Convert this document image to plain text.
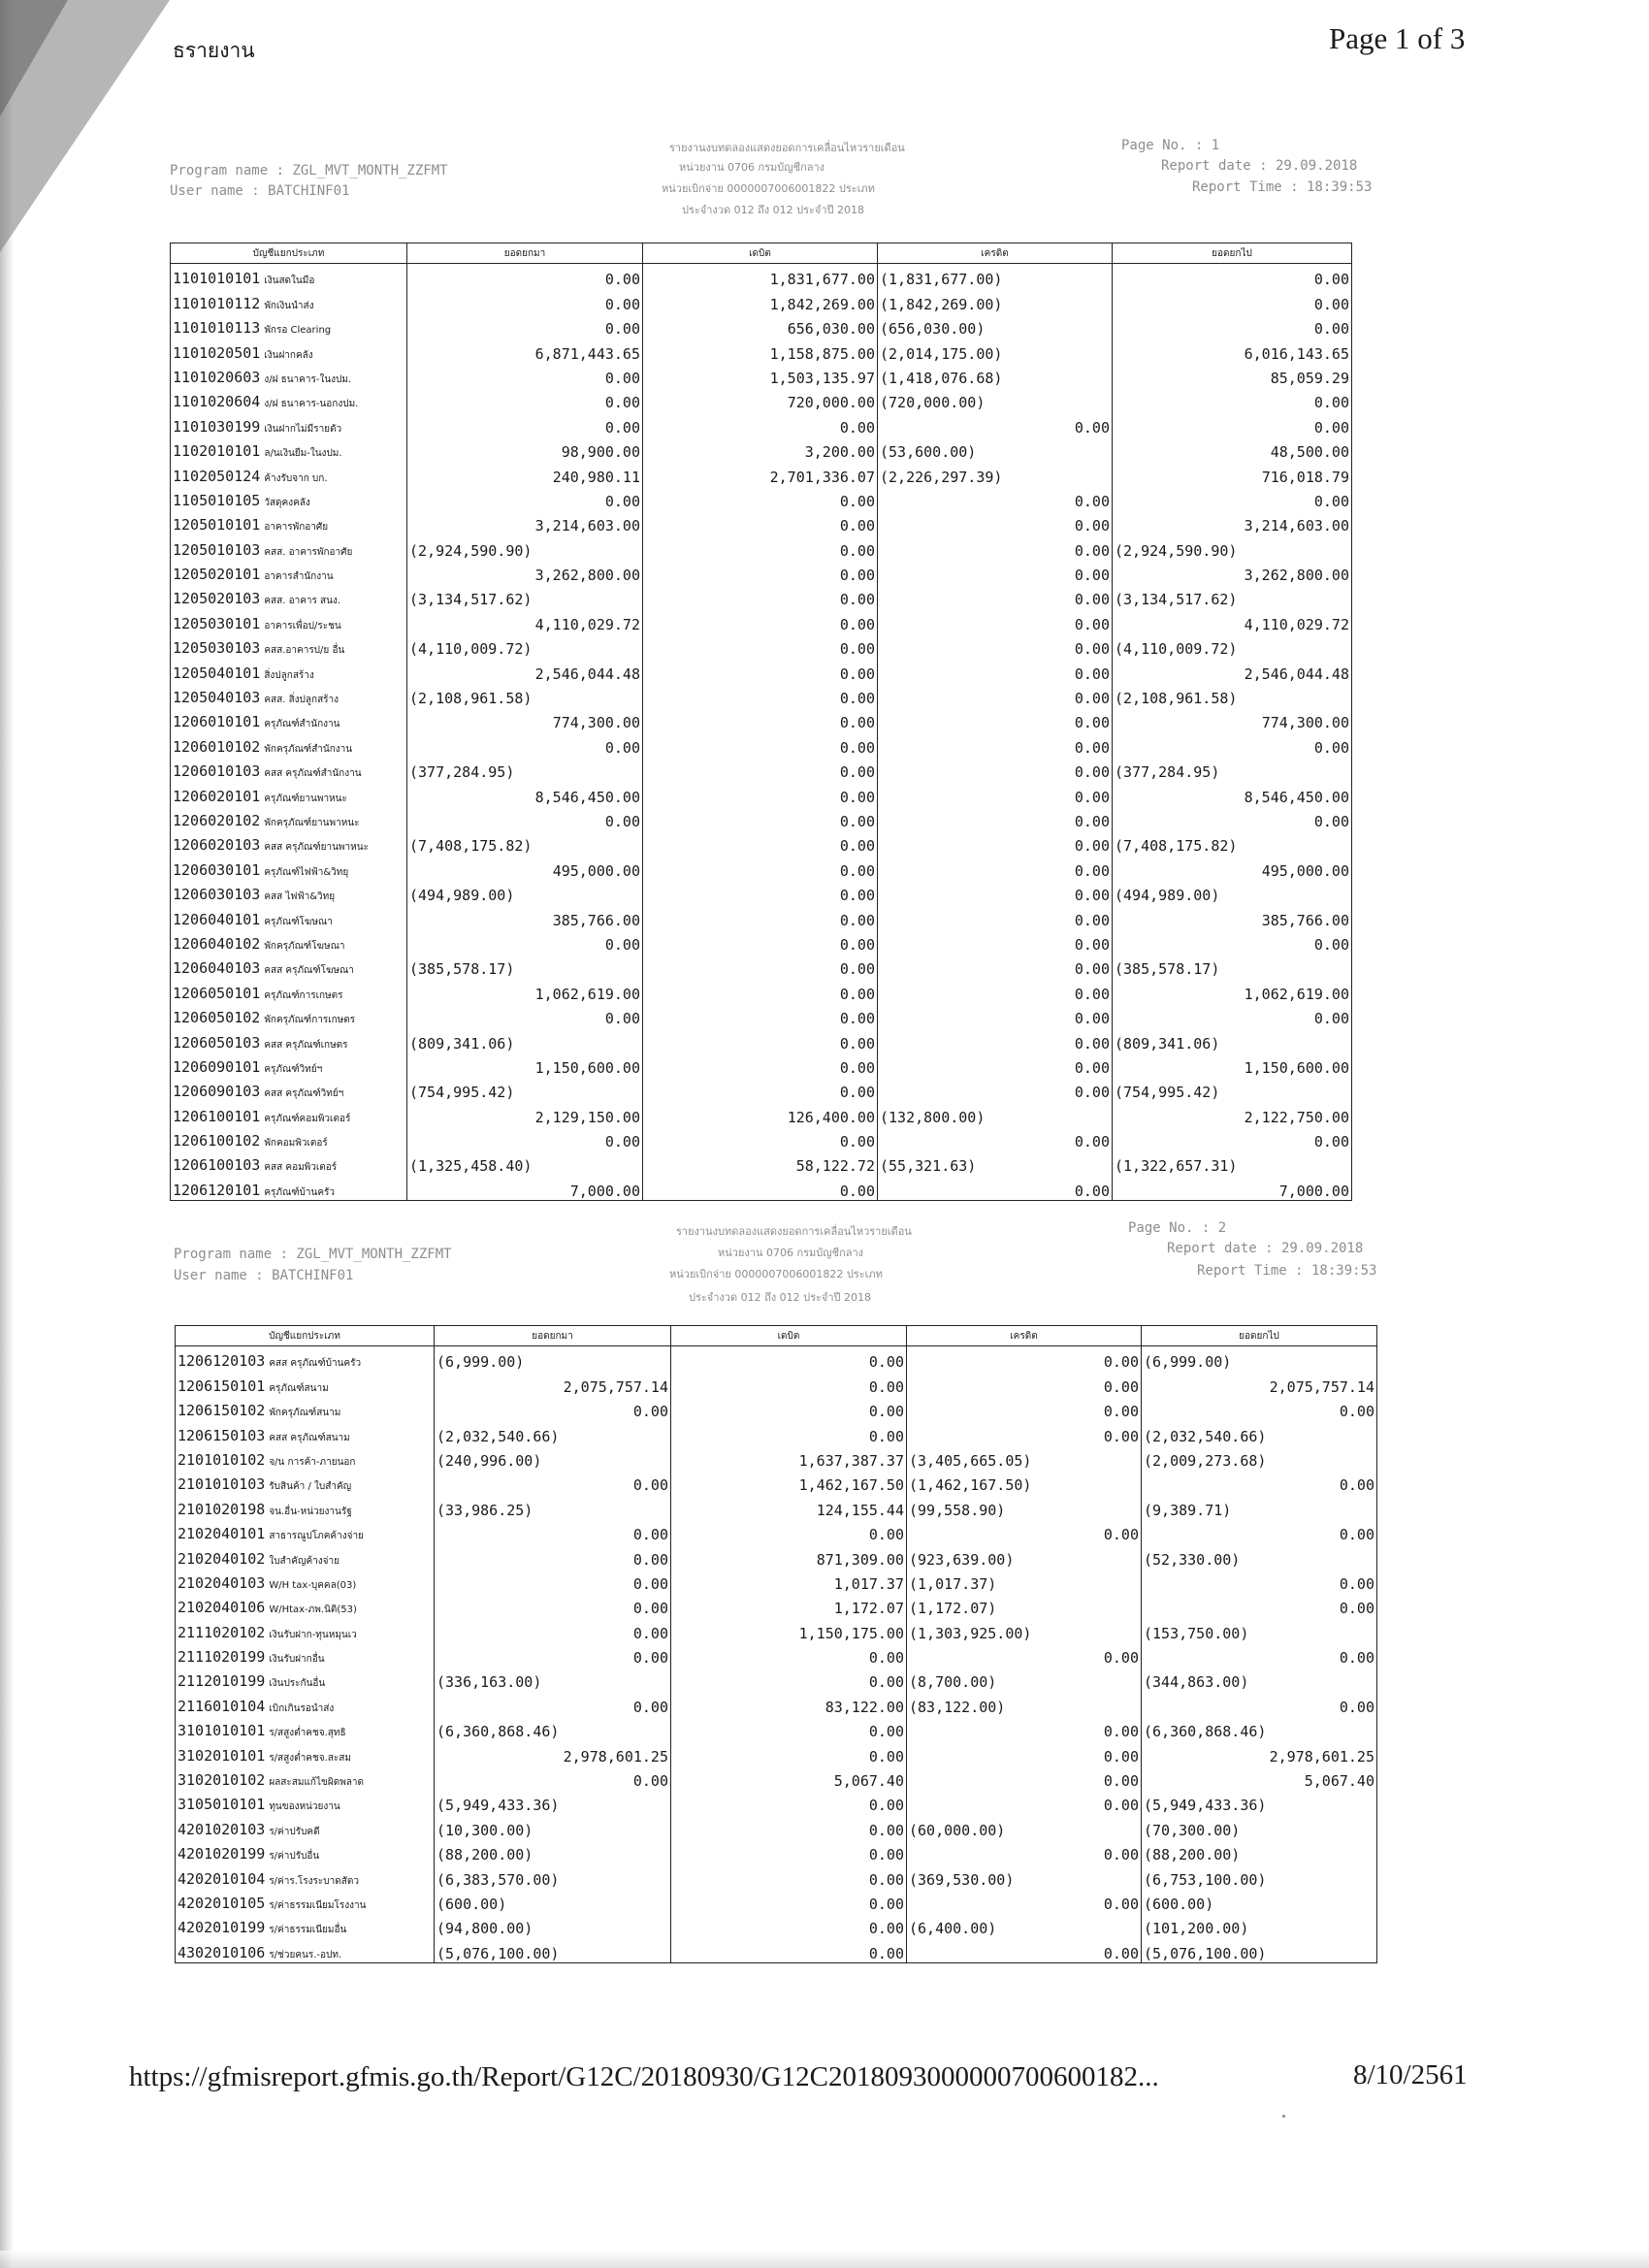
ธรายงาน	Page 1 of 3
รายงานงบทดลองแสดงยอดการเคลื่อนไหวรายเดือน
หน่วยงาน 0706 กรมบัญชีกลาง
หน่วยเบิกจ่าย 0000007006001822 ประเภท
ประจำงวด 012 ถึง 012 ประจำปี 2018
Program name : ZGL_MVT_MONTH_ZZFMT
User name : BATCHINF01
Page No. : 1
Report date : 29.09.2018
Report Time : 18:39:53
บัญชีแยกประเภท	ยอดยกมา	เดบิต	เครดิต	ยอดยกไป
1101010101 เงินสดในมือ	0.00	1,831,677.00	(1,831,677.00)	0.00
1101010112 พักเงินนำส่ง	0.00	1,842,269.00	(1,842,269.00)	0.00
1101010113 พักรอ Clearing	0.00	656,030.00	(656,030.00)	0.00
1101020501 เงินฝากคลัง	6,871,443.65	1,158,875.00	(2,014,175.00)	6,016,143.65
1101020603 ง/ฝ ธนาคาร-ในงปม.	0.00	1,503,135.97	(1,418,076.68)	85,059.29
1101020604 ง/ฝ ธนาคาร-นอกงปม.	0.00	720,000.00	(720,000.00)	0.00
1101030199 เงินฝากไม่มีรายตัว	0.00	0.00	0.00	0.00
1102010101 ล/นเงินยืม-ในงปม.	98,900.00	3,200.00	(53,600.00)	48,500.00
1102050124 ค้างรับจาก บก.	240,980.11	2,701,336.07	(2,226,297.39)	716,018.79
1105010105 วัสดุคงคลัง	0.00	0.00	0.00	0.00
1205010101 อาคารพักอาศัย	3,214,603.00	0.00	0.00	3,214,603.00
1205010103 คสส. อาคารพักอาศัย	(2,924,590.90)	0.00	0.00	(2,924,590.90)
1205020101 อาคารสำนักงาน	3,262,800.00	0.00	0.00	3,262,800.00
1205020103 คสส. อาคาร สนง.	(3,134,517.62)	0.00	0.00	(3,134,517.62)
1205030101 อาคารเพื่อป/ระชน	4,110,029.72	0.00	0.00	4,110,029.72
1205030103 คสส.อาคารป/ย อื่น	(4,110,009.72)	0.00	0.00	(4,110,009.72)
1205040101 สิ่งปลูกสร้าง	2,546,044.48	0.00	0.00	2,546,044.48
1205040103 คสส. สิ่งปลูกสร้าง	(2,108,961.58)	0.00	0.00	(2,108,961.58)
1206010101 ครุภัณฑ์สำนักงาน	774,300.00	0.00	0.00	774,300.00
1206010102 พักครุภัณฑ์สำนักงาน	0.00	0.00	0.00	0.00
1206010103 คสส ครุภัณฑ์สำนักงาน	(377,284.95)	0.00	0.00	(377,284.95)
1206020101 ครุภัณฑ์ยานพาหนะ	8,546,450.00	0.00	0.00	8,546,450.00
1206020102 พักครุภัณฑ์ยานพาหนะ	0.00	0.00	0.00	0.00
1206020103 คสส ครุภัณฑ์ยานพาหนะ	(7,408,175.82)	0.00	0.00	(7,408,175.82)
1206030101 ครุภัณฑ์ไฟฟ้า&วิทยุ	495,000.00	0.00	0.00	495,000.00
1206030103 คสส ไฟฟ้า&วิทยุ	(494,989.00)	0.00	0.00	(494,989.00)
1206040101 ครุภัณฑ์โฆษณา	385,766.00	0.00	0.00	385,766.00
1206040102 พักครุภัณฑ์โฆษณา	0.00	0.00	0.00	0.00
1206040103 คสส ครุภัณฑ์โฆษณา	(385,578.17)	0.00	0.00	(385,578.17)
1206050101 ครุภัณฑ์การเกษตร	1,062,619.00	0.00	0.00	1,062,619.00
1206050102 พักครุภัณฑ์การเกษตร	0.00	0.00	0.00	0.00
1206050103 คสส ครุภัณฑ์เกษตร	(809,341.06)	0.00	0.00	(809,341.06)
1206090101 ครุภัณฑ์วิทย์ฯ	1,150,600.00	0.00	0.00	1,150,600.00
1206090103 คสส ครุภัณฑ์วิทย์ฯ	(754,995.42)	0.00	0.00	(754,995.42)
1206100101 ครุภัณฑ์คอมพิวเตอร์	2,129,150.00	126,400.00	(132,800.00)	2,122,750.00
1206100102 พักคอมพิวเตอร์	0.00	0.00	0.00	0.00
1206100103 คสส คอมพิวเตอร์	(1,325,458.40)	58,122.72	(55,321.63)	(1,322,657.31)
1206120101 ครุภัณฑ์บ้านครัว	7,000.00	0.00	0.00	7,000.00
รายงานงบทดลองแสดงยอดการเคลื่อนไหวรายเดือน
หน่วยงาน 0706 กรมบัญชีกลาง
หน่วยเบิกจ่าย 0000007006001822 ประเภท
ประจำงวด 012 ถึง 012 ประจำปี 2018
Program name : ZGL_MVT_MONTH_ZZFMT
User name : BATCHINF01
Page No. : 2
Report date : 29.09.2018
Report Time : 18:39:53
บัญชีแยกประเภท	ยอดยกมา	เดบิต	เครดิต	ยอดยกไป
1206120103 คสส ครุภัณฑ์บ้านครัว	(6,999.00)	0.00	0.00	(6,999.00)
1206150101 ครุภัณฑ์สนาม	2,075,757.14	0.00	0.00	2,075,757.14
1206150102 พักครุภัณฑ์สนาม	0.00	0.00	0.00	0.00
1206150103 คสส ครุภัณฑ์สนาม	(2,032,540.66)	0.00	0.00	(2,032,540.66)
2101010102 จ/น การค้า-ภายนอก	(240,996.00)	1,637,387.37	(3,405,665.05)	(2,009,273.68)
2101010103 รับสินค้า / ใบสำคัญ	0.00	1,462,167.50	(1,462,167.50)	0.00
2101020198 จน.อื่น-หน่วยงานรัฐ	(33,986.25)	124,155.44	(99,558.90)	(9,389.71)
2102040101 สาธารณูปโภคค้างจ่าย	0.00	0.00	0.00	0.00
2102040102 ใบสำคัญค้างจ่าย	0.00	871,309.00	(923,639.00)	(52,330.00)
2102040103 W/H tax-บุคคล(03)	0.00	1,017.37	(1,017.37)	0.00
2102040106 W/Htax-ภพ.นิติ(53)	0.00	1,172.07	(1,172.07)	0.00
2111020102 เงินรับฝาก-ทุนหมุนเว	0.00	1,150,175.00	(1,303,925.00)	(153,750.00)
2111020199 เงินรับฝากอื่น	0.00	0.00	0.00	0.00
2112010199 เงินประกันอื่น	(336,163.00)	0.00	(8,700.00)	(344,863.00)
2116010104 เบิกเกินรอนำส่ง	0.00	83,122.00	(83,122.00)	0.00
3101010101 ร/สสูงต่ำคชจ.สุทธิ	(6,360,868.46)	0.00	0.00	(6,360,868.46)
3102010101 ร/สสูงต่ำคชจ.สะสม	2,978,601.25	0.00	0.00	2,978,601.25
3102010102 ผลสะสมแก้ไขผิดพลาด	0.00	5,067.40	0.00	5,067.40
3105010101 ทุนของหน่วยงาน	(5,949,433.36)	0.00	0.00	(5,949,433.36)
4201020103 ร/ค่าปรับคดี	(10,300.00)	0.00	(60,000.00)	(70,300.00)
4201020199 ร/ค่าปรับอื่น	(88,200.00)	0.00	0.00	(88,200.00)
4202010104 ร/ค่าร.โรงระบาดสัตว	(6,383,570.00)	0.00	(369,530.00)	(6,753,100.00)
4202010105 ร/ค่าธรรมเนียมโรงงาน	(600.00)	0.00	0.00	(600.00)
4202010199 ร/ค่าธรรมเนียมอื่น	(94,800.00)	0.00	(6,400.00)	(101,200.00)
4302010106 ร/ช่วยคนร.-อปท.	(5,076,100.00)	0.00	0.00	(5,076,100.00)
https://gfmisreport.gfmis.go.th/Report/G12C/20180930/G12C2018093000000700600182...	8/10/2561
